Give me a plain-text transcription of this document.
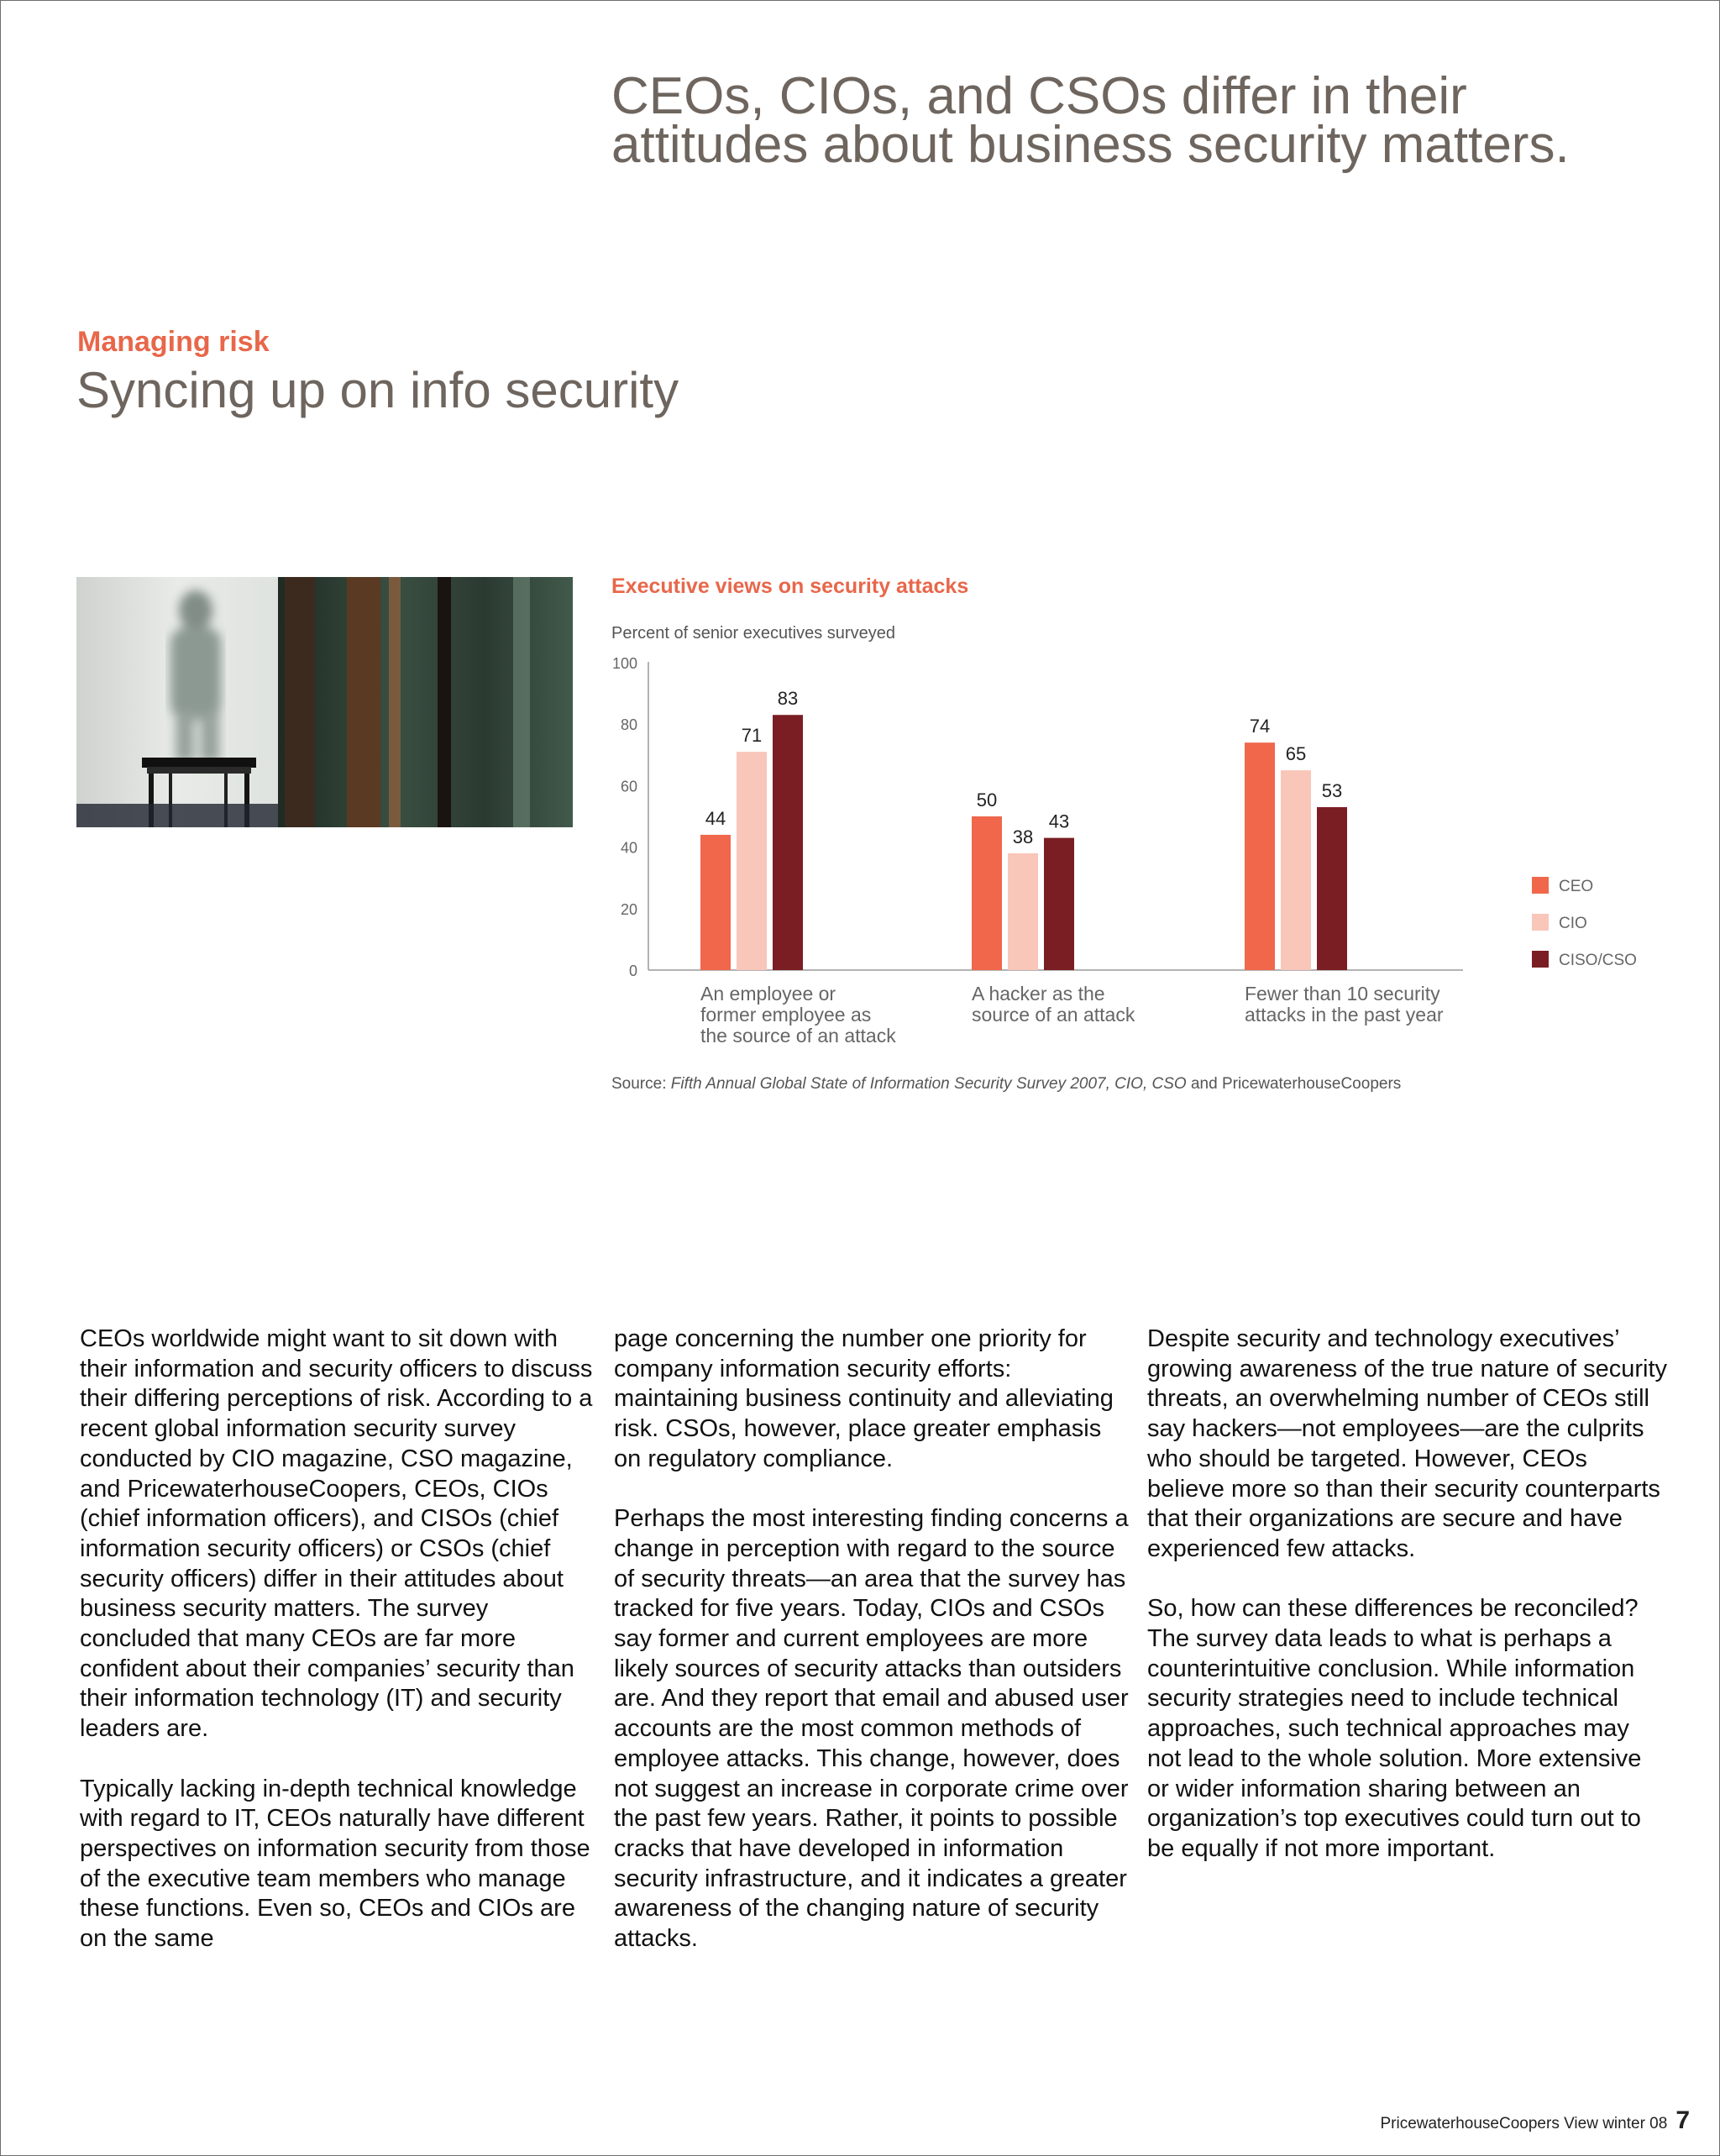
CEOs, CIOs, and CSOs differ in their attitudes about business security matters.
Managing risk
Syncing up on info security
Executive views on security attacks
Percent of senior executives surveyed
0
20
40
60
80
100
44
50
74
71
38
65
83
43
53
An employee or
former employee as
the source of an attack
A hacker as the
source of an attack
Fewer than 10 security
attacks in the past year
CEO
CIO
CISO/CSO
Source: Fifth Annual Global State of Information Security Survey 2007, CIO, CSO and PricewaterhouseCoopers

CEOs worldwide might want to sit down with their information and security officers to discuss their differing perceptions of risk. According to a recent global information security survey conducted by CIO magazine, CSO magazine, and PricewaterhouseCoopers, CEOs, CIOs (chief information officers), and CISOs (chief information security officers) or CSOs (chief security officers) differ in their attitudes about business security matters. The survey concluded that many CEOs are far more confident about their companies’ security than their information technology (IT) and security leaders are.

Typically lacking in-depth technical knowledge with regard to IT, CEOs naturally have different perspectives on information security from those of the executive team members who manage these functions. Even so, CEOs and CIOs are on the same

page concerning the number one priority for company information security efforts: maintaining business continuity and alleviating risk. CSOs, however, place greater emphasis on regulatory compliance.

Perhaps the most interesting finding concerns a change in perception with regard to the source of security threats—an area that the survey has tracked for five years. Today, CIOs and CSOs say former and current employees are more likely sources of security attacks than outsiders are. And they report that email and abused user accounts are the most common methods of employee attacks. This change, however, does not suggest an increase in corporate crime over the past few years. Rather, it points to possible cracks that have developed in information security infrastructure, and it indicates a greater awareness of the changing nature of security attacks.

Despite security and technology executives’ growing awareness of the true nature of security threats, an overwhelming number of CEOs still say hackers—not employees—are the culprits who should be targeted. However, CEOs believe more so than their security counterparts that their organizations are secure and have experienced few attacks.

So, how can these differences be reconciled? The survey data leads to what is perhaps a counterintuitive conclusion. While information security strategies need to include technical approaches, such technical approaches may not lead to the whole solution. More extensive or wider information sharing between an organization’s top executives could turn out to be equally if not more important.

PricewaterhouseCoopers View winter 08 7
